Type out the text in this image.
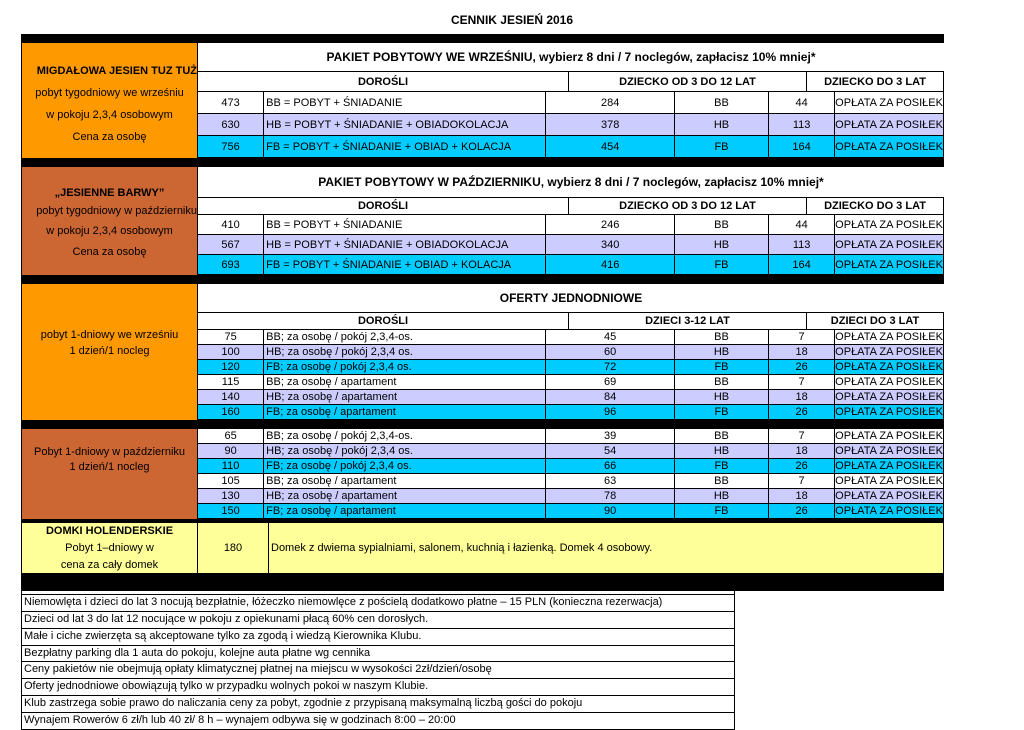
CENNIK JESIEŃ 2016
MIGDAŁOWA JESIEN TUZ TUŻ
pobyt tygodniowy we wrześniu
w pokoju 2,3,4 osobowym
Cena za osobę
PAKIET POBYTOWY WE WRZEŚNIU, wybierz 8 dni / 7 noclegów, zapłacisz 10% mniej*
DOROŚLI	DZIECKO OD 3 DO 12 LAT	DZIECKO DO 3 LAT
473	BB = POBYT + ŚNIADANIE	284	BB	44	OPŁATA ZA POSIŁEK
630	HB = POBYT + ŚNIADANIE + OBIADOKOLACJA	378	HB	113	OPŁATA ZA POSIŁEK
756	FB = POBYT + ŚNIADANIE + OBIAD + KOLACJA	454	FB	164	OPŁATA ZA POSIŁEK
„JESIENNE BARWY”
pobyt tygodniowy w październiku
w pokoju 2,3,4 osobowym
Cena za osobę
PAKIET POBYTOWY W PAŹDZIERNIKU, wybierz 8 dni / 7 noclegów, zapłacisz 10% mniej*
DOROŚLI	DZIECKO OD 3 DO 12 LAT	DZIECKO DO 3 LAT
410	BB = POBYT + ŚNIADANIE	246	BB	44	OPŁATA ZA POSIŁEK
567	HB = POBYT + ŚNIADANIE + OBIADOKOLACJA	340	HB	113	OPŁATA ZA POSIŁEK
693	FB = POBYT + ŚNIADANIE + OBIAD + KOLACJA	416	FB	164	OPŁATA ZA POSIŁEK
pobyt 1-dniowy we wrześniu
1 dzień/1 nocleg
OFERTY JEDNODNIOWE
DOROŚLI	DZIECI 3-12 LAT	DZIECI DO 3 LAT
75	BB; za osobę / pokój 2,3,4-os.	45	BB	7	OPŁATA ZA POSIŁEK
100	HB; za osobę / pokój 2,3,4 os.	60	HB	18	OPŁATA ZA POSIŁEK
120	FB; za osobę / pokój 2,3,4 os.	72	FB	26	OPŁATA ZA POSIŁEK
115	BB; za osobę / apartament	69	BB	7	OPŁATA ZA POSIŁEK
140	HB; za osobę / apartament	84	HB	18	OPŁATA ZA POSIŁEK
160	FB; za osobę / apartament	96	FB	26	OPŁATA ZA POSIŁEK
Pobyt 1-dniowy w październiku
1 dzień/1 nocleg
65	BB; za osobę / pokój 2,3,4-os.	39	BB	7	OPŁATA ZA POSIŁEK
90	HB; za osobę / pokój 2,3,4 os.	54	HB	18	OPŁATA ZA POSIŁEK
110	FB; za osobę / pokój 2,3,4 os.	66	FB	26	OPŁATA ZA POSIŁEK
105	BB; za osobę / apartament	63	BB	7	OPŁATA ZA POSIŁEK
130	HB; za osobę / apartament	78	HB	18	OPŁATA ZA POSIŁEK
150	FB; za osobę / apartament	90	FB	26	OPŁATA ZA POSIŁEK
DOMKI HOLENDERSKIE
Pobyt 1–dniowy w
cena za cały domek
180	Domek z dwiema sypialniami, salonem, kuchnią i łazienką. Domek 4 osobowy.
BB – śniadanie; HB - śniadanie + obiadokolacja; FB - śniadanie + obiad + kolacja.
Niemowlęta i dzieci do lat 3 nocują bezpłatnie, łóżeczko niemowlęce z pościelą dodatkowo płatne – 15 PLN (konieczna rezerwacja)
Dzieci od lat 3 do lat 12 nocujące w pokoju z opiekunami płacą 60% cen dorosłych.
Małe i ciche zwierzęta są akceptowane tylko za zgodą i wiedzą Kierownika Klubu.
Bezpłatny parking dla 1 auta do pokoju, kolejne auta płatne wg cennika
Ceny pakietów nie obejmują opłaty klimatycznej płatnej na miejscu w wysokości 2zł/dzień/osobę
Oferty jednodniowe obowiązują tylko w przypadku wolnych pokoi w naszym Klubie.
Klub zastrzega sobie prawo do naliczania ceny za pobyt, zgodnie z przypisaną maksymalną liczbą gości do pokoju
Wynajem Rowerów 6 zł/h lub 40 zł/ 8 h – wynajem odbywa się w godzinach 8:00 – 20:00
